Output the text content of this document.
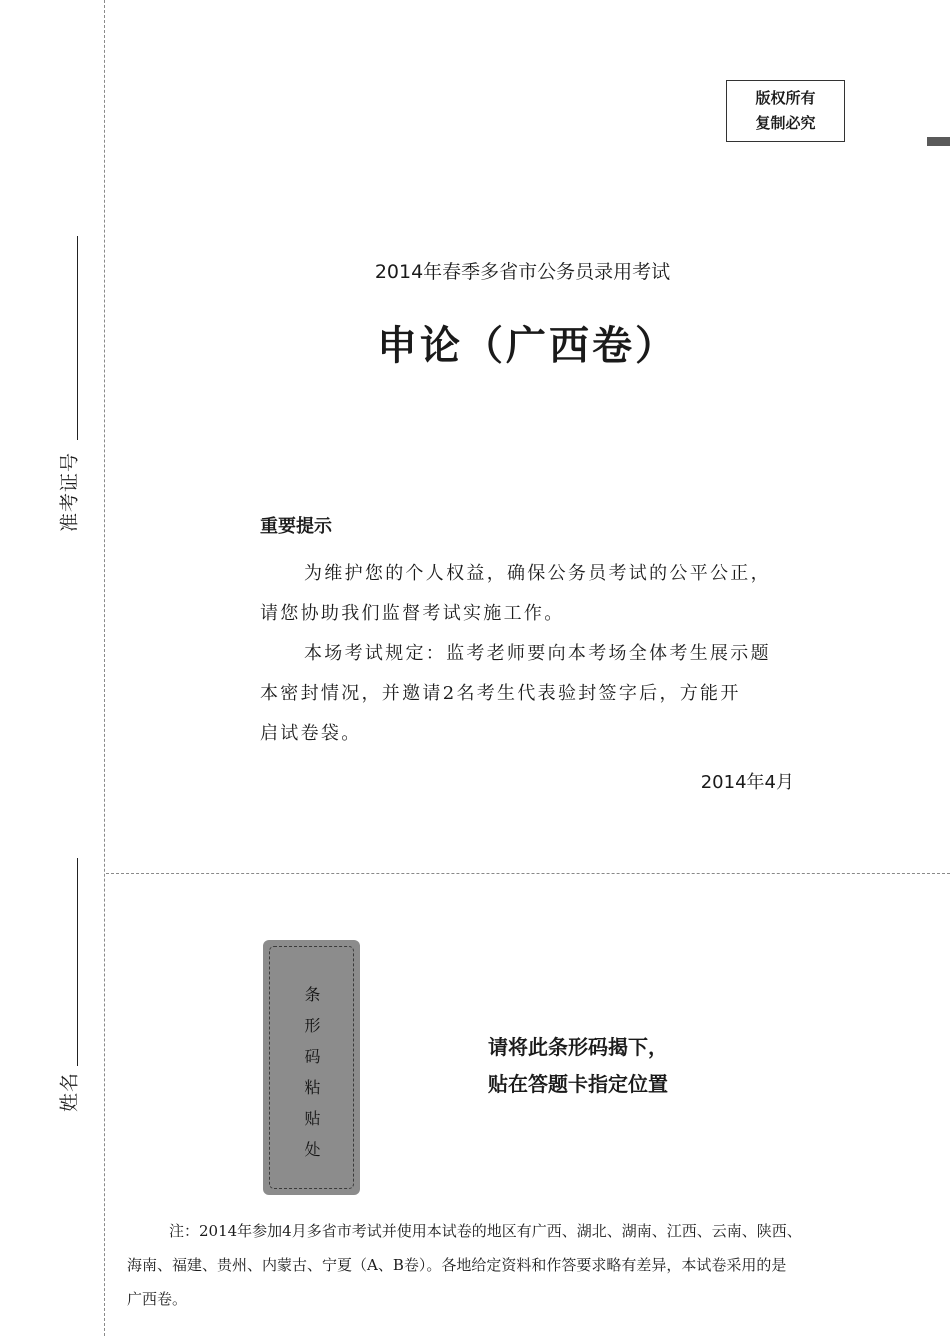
准考证号
姓名
版权所有
复制必究
2014年春季多省市公务员录用考试
申论（广西卷）
重要提示
为维护您的个人权益，确保公务员考试的公平公正，
请您协助我们监督考试实施工作。
本场考试规定：监考老师要向本考场全体考生展示题
本密封情况，并邀请2名考生代表验封签字后，方能开
启试卷袋。
2014年4月
条
形
码
粘
贴
处
请将此条形码揭下，
贴在答题卡指定位置
注：2014年参加4月多省市考试并使用本试卷的地区有广西、湖北、湖南、江西、云南、陕西、
海南、福建、贵州、内蒙古、宁夏（A、B卷）。各地给定资料和作答要求略有差异，本试卷采用的是
广西卷。
